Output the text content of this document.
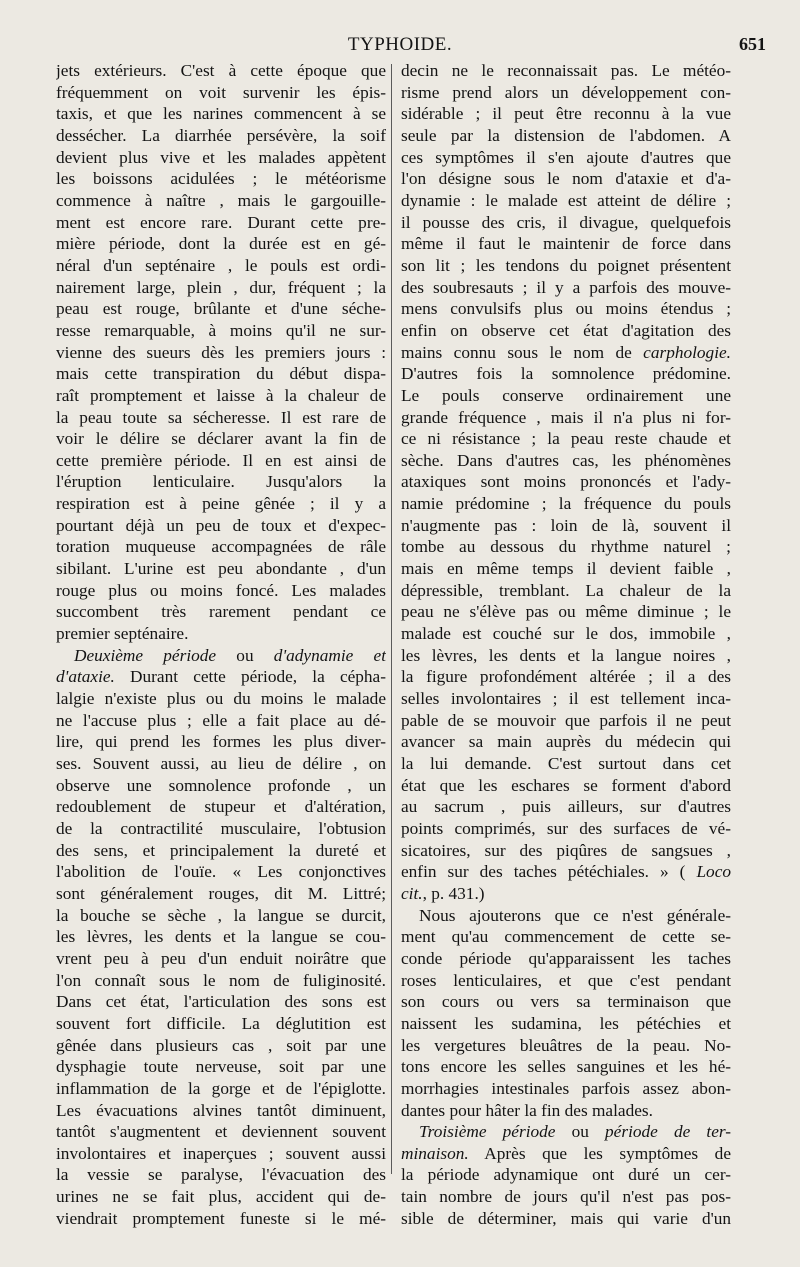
TYPHOIDE.	651
jets extérieurs. C'est à cette époque que
fréquemment on voit survenir les épis-
taxis, et que les narines commencent à se
dessécher. La diarrhée persévère, la soif
devient plus vive et les malades appètent
les boissons acidulées ; le météorisme
commence à naître , mais le gargouille-
ment est encore rare. Durant cette pre-
mière période, dont la durée est en gé-
néral d'un septénaire , le pouls est ordi-
nairement large, plein , dur, fréquent ; la
peau est rouge, brûlante et d'une séche-
resse remarquable, à moins qu'il ne sur-
vienne des sueurs dès les premiers jours :
mais cette transpiration du début dispa-
raît promptement et laisse à la chaleur de
la peau toute sa sécheresse. Il est rare de
voir le délire se déclarer avant la fin de
cette première période. Il en est ainsi de
l'éruption lenticulaire. Jusqu'alors la
respiration est à peine gênée ; il y a
pourtant déjà un peu de toux et d'expec-
toration muqueuse accompagnées de râle
sibilant. L'urine est peu abondante , d'un
rouge plus ou moins foncé. Les malades
succombent très rarement pendant ce
premier septénaire.
Deuxième période ou d'adynamie et
d'ataxie. Durant cette période, la cépha-
lalgie n'existe plus ou du moins le malade
ne l'accuse plus ; elle a fait place au dé-
lire, qui prend les formes les plus diver-
ses. Souvent aussi, au lieu de délire , on
observe une somnolence profonde , un
redoublement de stupeur et d'altération,
de la contractilité musculaire, l'obtusion
des sens, et principalement la dureté et
l'abolition de l'ouïe. « Les conjonctives
sont généralement rouges, dit M. Littré;
la bouche se sèche , la langue se durcit,
les lèvres, les dents et la langue se cou-
vrent peu à peu d'un enduit noirâtre que
l'on connaît sous le nom de fuliginosité.
Dans cet état, l'articulation des sons est
souvent fort difficile. La déglutition est
gênée dans plusieurs cas , soit par une
dysphagie toute nerveuse, soit par une
inflammation de la gorge et de l'épiglotte.
Les évacuations alvines tantôt diminuent,
tantôt s'augmentent et deviennent souvent
involontaires et inaperçues ; souvent aussi
la vessie se paralyse, l'évacuation des
urines ne se fait plus, accident qui de-
viendrait promptement funeste si le mé-
decin ne le reconnaissait pas. Le météo-
risme prend alors un développement con-
sidérable ; il peut être reconnu à la vue
seule par la distension de l'abdomen. A
ces symptômes il s'en ajoute d'autres que
l'on désigne sous le nom d'ataxie et d'a-
dynamie : le malade est atteint de délire ;
il pousse des cris, il divague, quelquefois
même il faut le maintenir de force dans
son lit ; les tendons du poignet présentent
des soubresauts ; il y a parfois des mouve-
mens convulsifs plus ou moins étendus ;
enfin on observe cet état d'agitation des
mains connu sous le nom de carphologie.
D'autres fois la somnolence prédomine.
Le pouls conserve ordinairement une
grande fréquence , mais il n'a plus ni for-
ce ni résistance ; la peau reste chaude et
sèche. Dans d'autres cas, les phénomènes
ataxiques sont moins prononcés et l'ady-
namie prédomine ; la fréquence du pouls
n'augmente pas : loin de là, souvent il
tombe au dessous du rhythme naturel ;
mais en même temps il devient faible ,
dépressible, tremblant. La chaleur de la
peau ne s'élève pas ou même diminue ; le
malade est couché sur le dos, immobile ,
les lèvres, les dents et la langue noires ,
la figure profondément altérée ; il a des
selles involontaires ; il est tellement inca-
pable de se mouvoir que parfois il ne peut
avancer sa main auprès du médecin qui
la lui demande. C'est surtout dans cet
état que les eschares se forment d'abord
au sacrum , puis ailleurs, sur d'autres
points comprimés, sur des surfaces de vé-
sicatoires, sur des piqûres de sangsues ,
enfin sur des taches pétéchiales. » ( Loco
cit., p. 431.)
Nous ajouterons que ce n'est générale-
ment qu'au commencement de cette se-
conde période qu'apparaissent les taches
roses lenticulaires, et que c'est pendant
son cours ou vers sa terminaison que
naissent les sudamina, les pétéchies et
les vergetures bleuâtres de la peau. No-
tons encore les selles sanguines et les hé-
morrhagies intestinales parfois assez abon-
dantes pour hâter la fin des malades.
Troisième période ou période de ter-
minaison. Après que les symptômes de
la période adynamique ont duré un cer-
tain nombre de jours qu'il n'est pas pos-
sible de déterminer, mais qui varie d'un
